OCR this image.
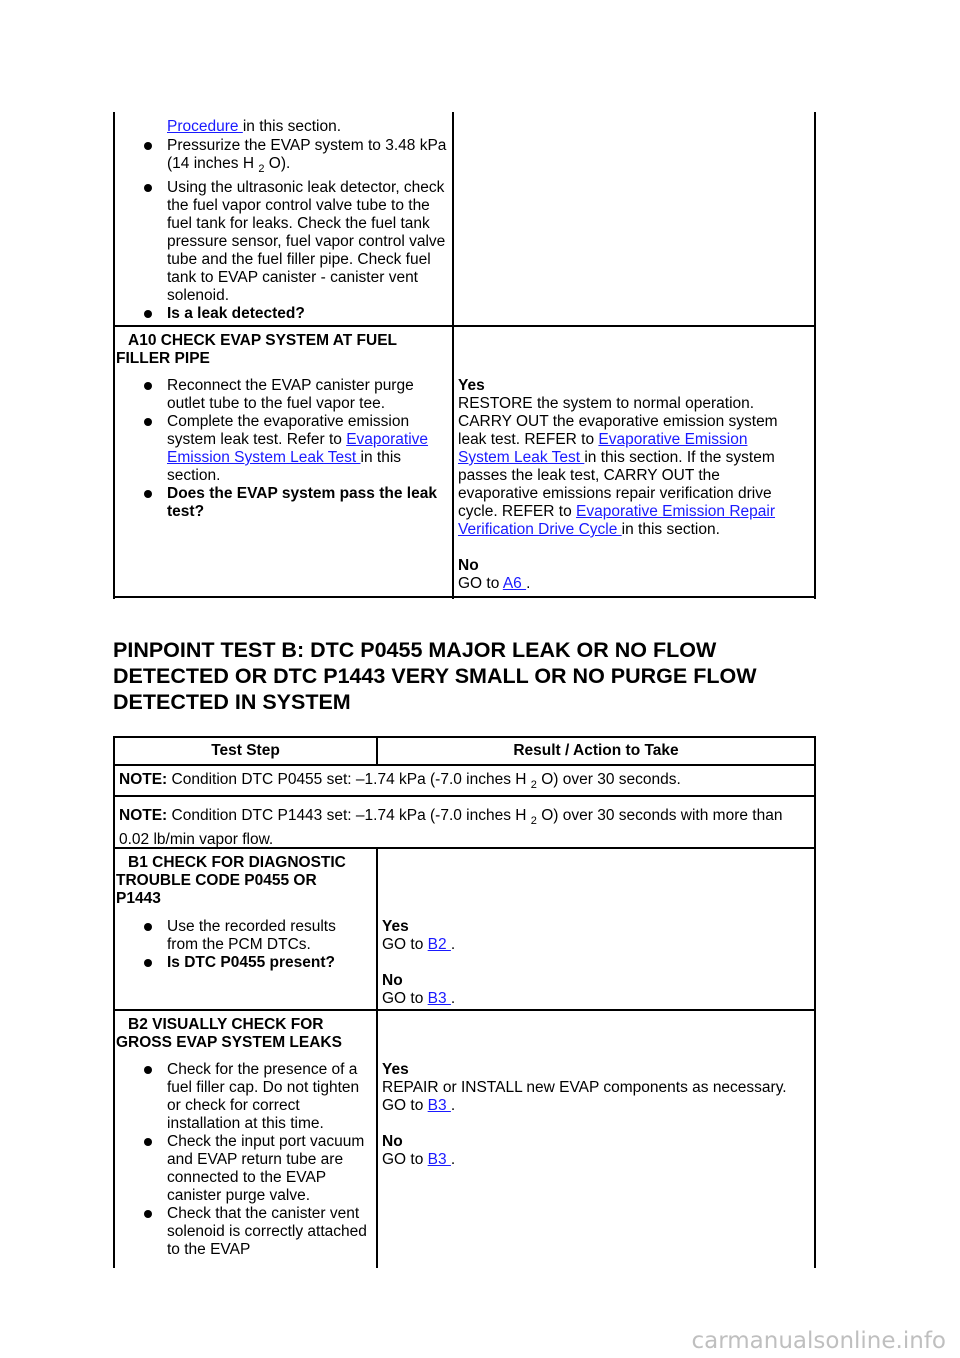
Procedure in this section.
Pressurize the EVAP system to 3.48 kPa (14 inches H $_2$ O).
Using the ultrasonic leak detector, check the fuel vapor control valve tube to the fuel tank for leaks. Check the fuel tank pressure sensor, fuel vapor control valve tube and the fuel filler pipe. Check fuel tank to EVAP canister - canister vent solenoid.
Is a leak detected?
A10 CHECK EVAP SYSTEM AT FUEL FILLER PIPE
Reconnect the EVAP canister purge outlet tube to the fuel vapor tee.
Complete the evaporative emission system leak test. Refer to Evaporative Emission System Leak Test in this section.
Does the EVAP system pass the leak test?
Yes
RESTORE the system to normal operation. CARRY OUT the evaporative emission system leak test. REFER to Evaporative Emission System Leak Test in this section. If the system passes the leak test, CARRY OUT the evaporative emissions repair verification drive cycle. REFER to Evaporative Emission Repair Verification Drive Cycle in this section.
No
GO to A6 .
PINPOINT TEST B: DTC P0455 MAJOR LEAK OR NO FLOW DETECTED OR DTC P1443 VERY SMALL OR NO PURGE FLOW DETECTED IN SYSTEM
Test Step	Result / Action to Take
NOTE: Condition DTC P0455 set: –1.74 kPa (-7.0 inches H $_2$ O) over 30 seconds.
NOTE: Condition DTC P1443 set: –1.74 kPa (-7.0 inches H $_2$ O) over 30 seconds with more than 0.02 lb/min vapor flow.
B1 CHECK FOR DIAGNOSTIC TROUBLE CODE P0455 OR P1443
Use the recorded results from the PCM DTCs.
Is DTC P0455 present?
Yes
GO to B2 .
No
GO to B3 .
B2 VISUALLY CHECK FOR GROSS EVAP SYSTEM LEAKS
Check for the presence of a fuel filler cap. Do not tighten or check for correct installation at this time.
Check the input port vacuum and EVAP return tube are connected to the EVAP canister purge valve.
Check that the canister vent solenoid is correctly attached to the EVAP
Yes
REPAIR or INSTALL new EVAP components as necessary.
GO to B3 .
No
GO to B3 .
carmanualsonline.info
